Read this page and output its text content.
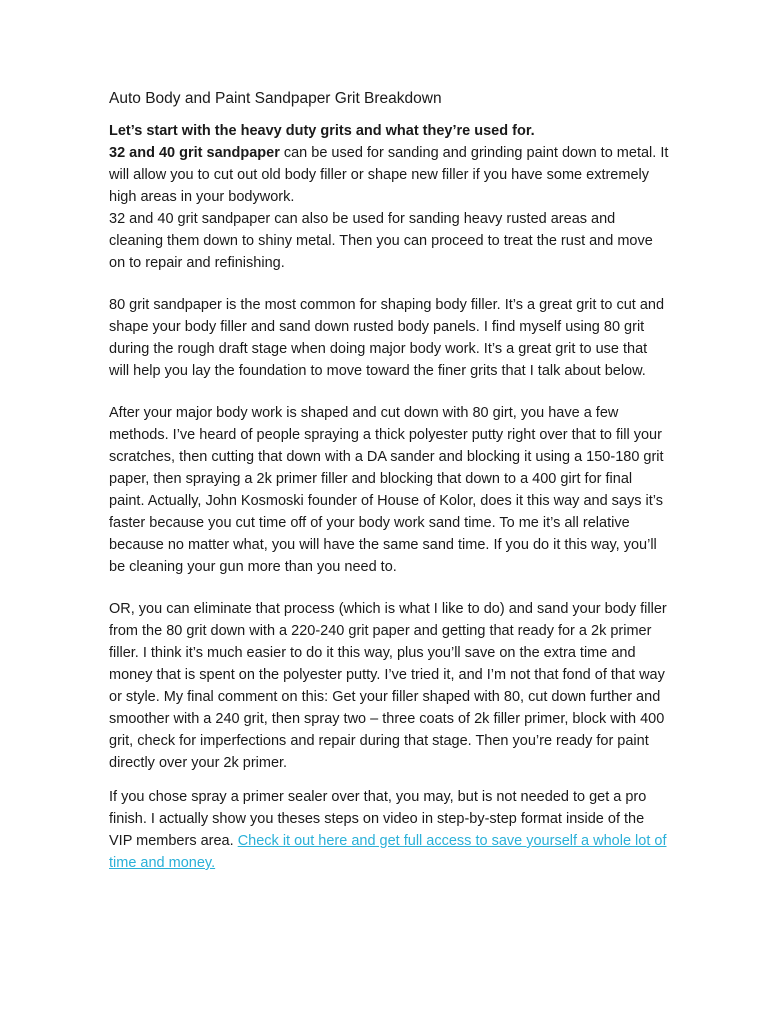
Auto Body and Paint Sandpaper Grit Breakdown

Let’s start with the heavy duty grits and what they’re used for.

32 and 40 grit sandpaper can be used for sanding and grinding paint down to metal. It will allow you to cut out old body filler or shape new filler if you have some extremely high areas in your bodywork.

32 and 40 grit sandpaper can also be used for sanding heavy rusted areas and cleaning them down to shiny metal. Then you can proceed to treat the rust and move on to repair and refinishing.

80 grit sandpaper is the most common for shaping body filler. It’s a great grit to cut and shape your body filler and sand down rusted body panels. I find myself using 80 grit during the rough draft stage when doing major body work. It’s a great grit to use that will help you lay the foundation to move toward the finer grits that I talk about below.

After your major body work is shaped and cut down with 80 girt, you have a few methods. I’ve heard of people spraying a thick polyester putty right over that to fill your scratches, then cutting that down with a DA sander and blocking it using a 150-180 grit paper, then spraying a 2k primer filler and blocking that down to a 400 girt for final paint. Actually, John Kosmoski founder of House of Kolor, does it this way and says it’s faster because you cut time off of your body work sand time. To me it’s all relative because no matter what, you will have the same sand time. If you do it this way, you’ll be cleaning your gun more than you need to.

OR, you can eliminate that process (which is what I like to do) and sand your body filler from the 80 grit down with a 220-240 grit paper and getting that ready for a 2k primer filler. I think it’s much easier to do it this way, plus you’ll save on the extra time and money that is spent on the polyester putty. I’ve tried it, and I’m not that fond of that way or style. My final comment on this: Get your filler shaped with 80, cut down further and smoother with a 240 grit, then spray two – three coats of 2k filler primer, block with 400 grit, check for imperfections and repair during that stage. Then you’re ready for paint directly over your 2k primer.

If you chose spray a primer sealer over that, you may, but is not needed to get a pro finish. I actually show you theses steps on video in step-by-step format inside of the VIP members area. Check it out here and get full access to save yourself a whole lot of time and money.
